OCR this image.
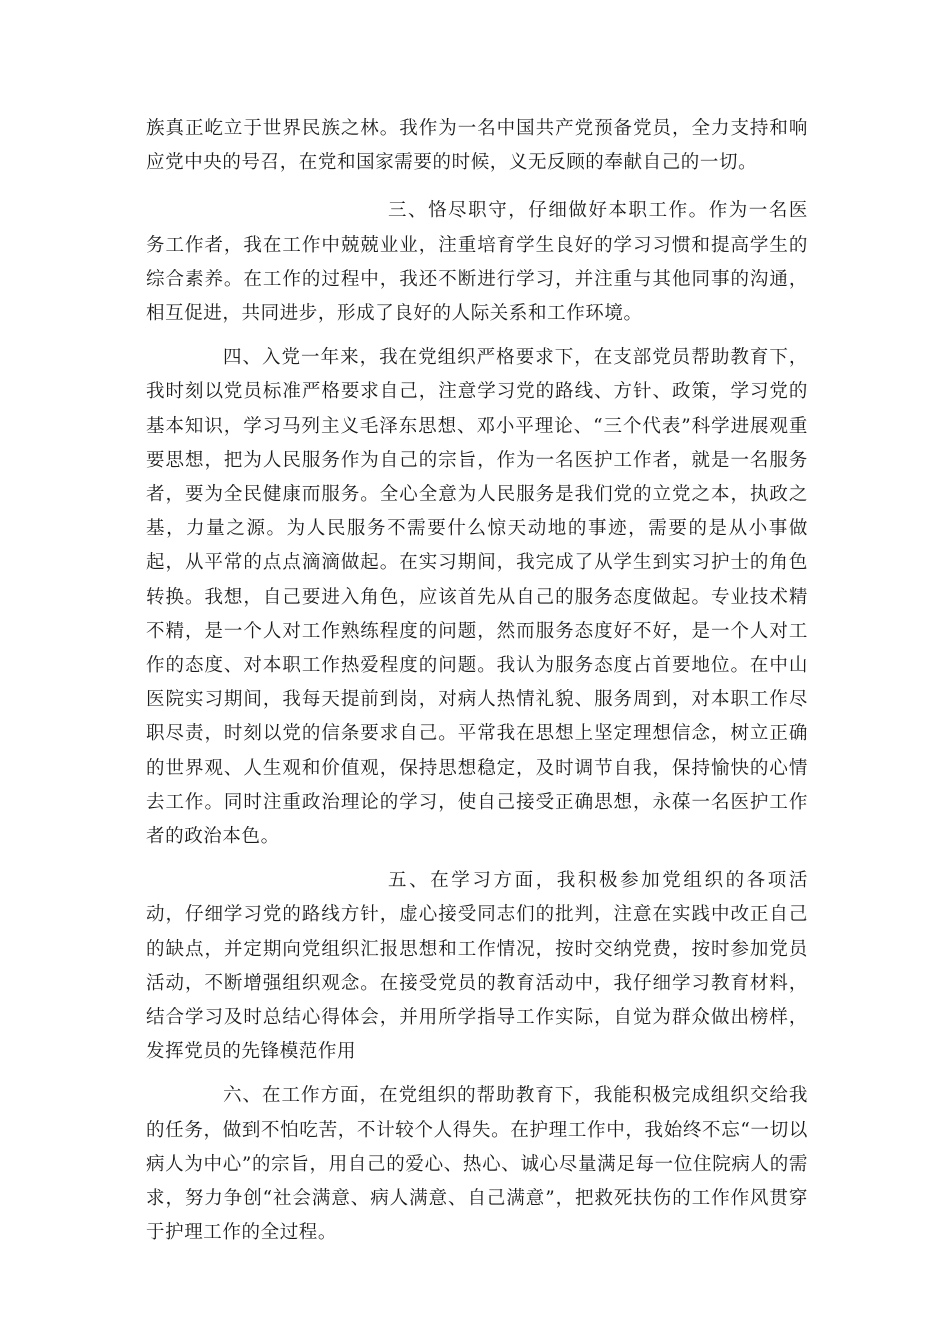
族真正屹立于世界民族之林。我作为一名中国共产党预备党员，全力支持和响应党中央的号召，在党和国家需要的时候，义无反顾的奉献自己的一切。

三、恪尽职守，仔细做好本职工作。作为一名医务工作者，我在工作中兢兢业业，注重培育学生良好的学习习惯和提高学生的综合素养。在工作的过程中，我还不断进行学习，并注重与其他同事的沟通，相互促进，共同进步，形成了良好的人际关系和工作环境。

四、入党一年来，我在党组织严格要求下，在支部党员帮助教育下，我时刻以党员标准严格要求自己，注意学习党的路线、方针、政策，学习党的基本知识，学习马列主义毛泽东思想、邓小平理论、“三个代表”科学进展观重要思想，把为人民服务作为自己的宗旨，作为一名医护工作者，就是一名服务者，要为全民健康而服务。全心全意为人民服务是我们党的立党之本，执政之基，力量之源。为人民服务不需要什么惊天动地的事迹，需要的是从小事做起，从平常的点点滴滴做起。在实习期间，我完成了从学生到实习护士的角色转换。我想，自己要进入角色，应该首先从自己的服务态度做起。专业技术精不精，是一个人对工作熟练程度的问题，然而服务态度好不好，是一个人对工作的态度、对本职工作热爱程度的问题。我认为服务态度占首要地位。在中山医院实习期间，我每天提前到岗，对病人热情礼貌、服务周到，对本职工作尽职尽责，时刻以党的信条要求自己。平常我在思想上坚定理想信念，树立正确的世界观、人生观和价值观，保持思想稳定，及时调节自我，保持愉快的心情去工作。同时注重政治理论的学习，使自己接受正确思想，永葆一名医护工作者的政治本色。

五、在学习方面，我积极参加党组织的各项活动，仔细学习党的路线方针，虚心接受同志们的批判，注意在实践中改正自己的缺点，并定期向党组织汇报思想和工作情况，按时交纳党费，按时参加党员活动，不断增强组织观念。在接受党员的教育活动中，我仔细学习教育材料，结合学习及时总结心得体会，并用所学指导工作实际，自觉为群众做出榜样，发挥党员的先锋模范作用

六、在工作方面，在党组织的帮助教育下，我能积极完成组织交给我的任务，做到不怕吃苦，不计较个人得失。在护理工作中，我始终不忘“一切以病人为中心”的宗旨，用自己的爱心、热心、诚心尽量满足每一位住院病人的需求，努力争创“社会满意、病人满意、自己满意”，把救死扶伤的工作作风贯穿于护理工作的全过程。
